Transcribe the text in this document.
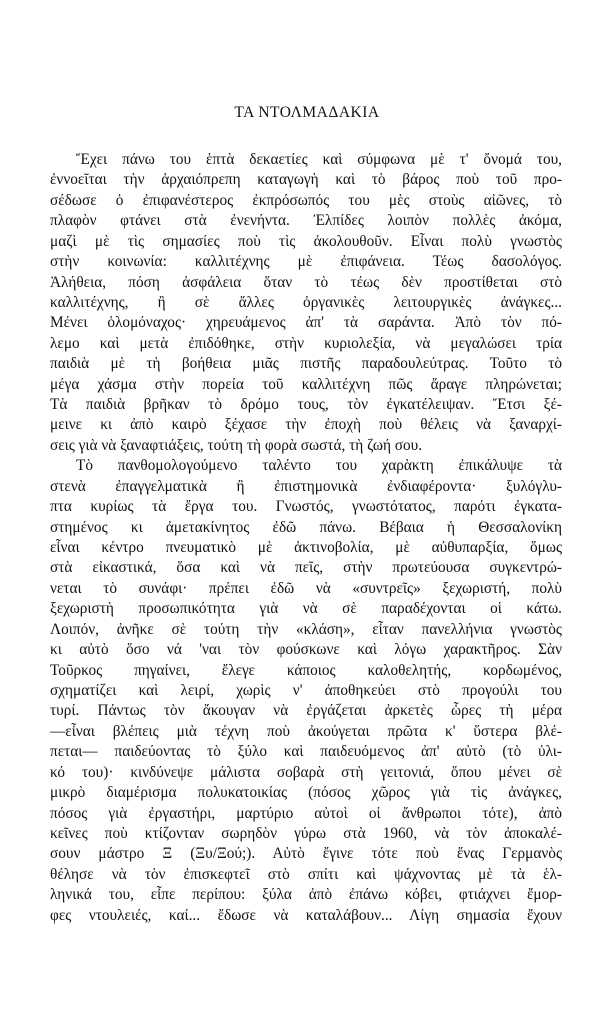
ΤΑ ΝΤΟΛΜΑΔΑΚΙΑ
Ἔχει πάνω του ἑπτὰ δεκαετίες καὶ σύμφωνα μὲ τ' ὄνομά του,
ἐννοεῖται τὴν ἀρχαιόπρεπη καταγωγὴ καὶ τὸ βάρος ποὺ τοῦ προ-
σέδωσε ὁ ἐπιφανέστερος ἐκπρόσωπός του μὲς στοὺς αἰῶνες, τὸ
πλαφὸν φτάνει στὰ ἐνενήντα. Ἐλπίδες λοιπὸν πολλὲς ἀκόμα,
μαζὶ μὲ τὶς σημασίες ποὺ τὶς ἀκολουθοῦν. Εἶναι πολὺ γνωστὸς
στὴν κοινωνία: καλλιτέχνης μὲ ἐπιφάνεια. Τέως δασολόγος.
Ἀλήθεια, πόση ἀσφάλεια ὅταν τὸ τέως δὲν προστίθεται στὸ
καλλιτέχνης, ἢ σὲ ἄλλες ὀργανικὲς λειτουργικὲς ἀνάγκες...
Μένει ὁλομόναχος· χηρευάμενος ἀπ' τὰ σαράντα. Ἀπὸ τὸν πό-
λεμο καὶ μετὰ ἐπιδόθηκε, στὴν κυριολεξία, νὰ μεγαλώσει τρία
παιδιὰ μὲ τὴ βοήθεια μιᾶς πιστῆς παραδουλεύτρας. Τοῦτο τὸ
μέγα χάσμα στὴν πορεία τοῦ καλλιτέχνη πῶς ἄραγε πληρώνεται;
Τὰ παιδιὰ βρῆκαν τὸ δρόμο τους, τὸν ἐγκατέλειψαν. Ἔτσι ξέ-
μεινε κι ἀπὸ καιρὸ ξέχασε τὴν ἐποχὴ ποὺ θέλεις νὰ ξαναρχί-
σεις γιὰ νὰ ξαναφτιάξεις, τούτη τὴ φορὰ σωστά, τὴ ζωή σου.
Τὸ πανθομολογούμενο ταλέντο του χαρὰκτη ἐπικάλυψε τὰ
στενὰ ἐπαγγελματικὰ ἢ ἐπιστημονικὰ ἐνδιαφέροντα· ξυλόγλυ-
πτα κυρίως τὰ ἔργα του. Γνωστός, γνωστότατος, παρότι ἐγκατα-
στημένος κι ἀμετακίνητος ἐδῶ πάνω. Βέβαια ἡ Θεσσαλονίκη
εἶναι κέντρο πνευματικὸ μὲ ἀκτινοβολία, μὲ αὐθυπαρξία, ὅμως
στὰ εἰκαστικά, ὅσα καὶ νὰ πεῖς, στὴν πρωτεύουσα συγκεντρώ-
νεται τὸ συνάφι· πρέπει ἐδῶ νὰ «συντρεῖς» ξεχωριστή, πολὺ
ξεχωριστὴ προσωπικότητα γιὰ νὰ σὲ παραδέχονται οἱ κάτω.
Λοιπόν, ἀνῆκε σὲ τούτη τὴν «κλάση», εἶταν πανελλήνια γνωστὸς
κι αὐτὸ ὅσο νά 'ναι τὸν φούσκωνε καὶ λόγω χαρακτῆρος. Σὰν
Τοῦρκος πηγαίνει, ἔλεγε κάποιος καλοθελητής, κορδωμένος,
σχηματίζει καὶ λειρί, χωρὶς ν' ἀποθηκεύει στὸ προγούλι του
τυρί. Πάντως τὸν ἄκουγαν νὰ ἐργάζεται ἀρκετὲς ὧρες τὴ μέρα
—εἶναι βλέπεις μιὰ τέχνη ποὺ ἀκούγεται πρῶτα κ' ὕστερα βλέ-
πεται— παιδεύοντας τὸ ξύλο καὶ παιδευόμενος ἀπ' αὐτὸ (τὸ ὑλι-
κό του)· κινδύνεψε μάλιστα σοβαρὰ στὴ γειτονιά, ὅπου μένει σὲ
μικρὸ διαμέρισμα πολυκατοικίας (πόσος χῶρος γιὰ τὶς ἀνάγκες,
πόσος γιὰ ἐργαστήρι, μαρτύριο αὐτοὶ οἱ ἄνθρωποι τότε), ἀπὸ
κεῖνες ποὺ κτίζονταν σωρηδὸν γύρω στὰ 1960, νὰ τὸν ἀποκαλέ-
σουν μάστρο Ξ (Ξυ/Ξού;). Αὐτὸ ἔγινε τότε ποὺ ἕνας Γερμανὸς
θέλησε νὰ τὸν ἐπισκεφτεῖ στὸ σπίτι καὶ ψάχνοντας μὲ τὰ ἑλ-
ληνικά του, εἶπε περίπου: ξύλα ἀπὸ ἐπάνω κόβει, φτιάχνει ἔμορ-
φες ντουλειές, καί... ἔδωσε νὰ καταλάβουν... Λίγη σημασία ἔχουν
